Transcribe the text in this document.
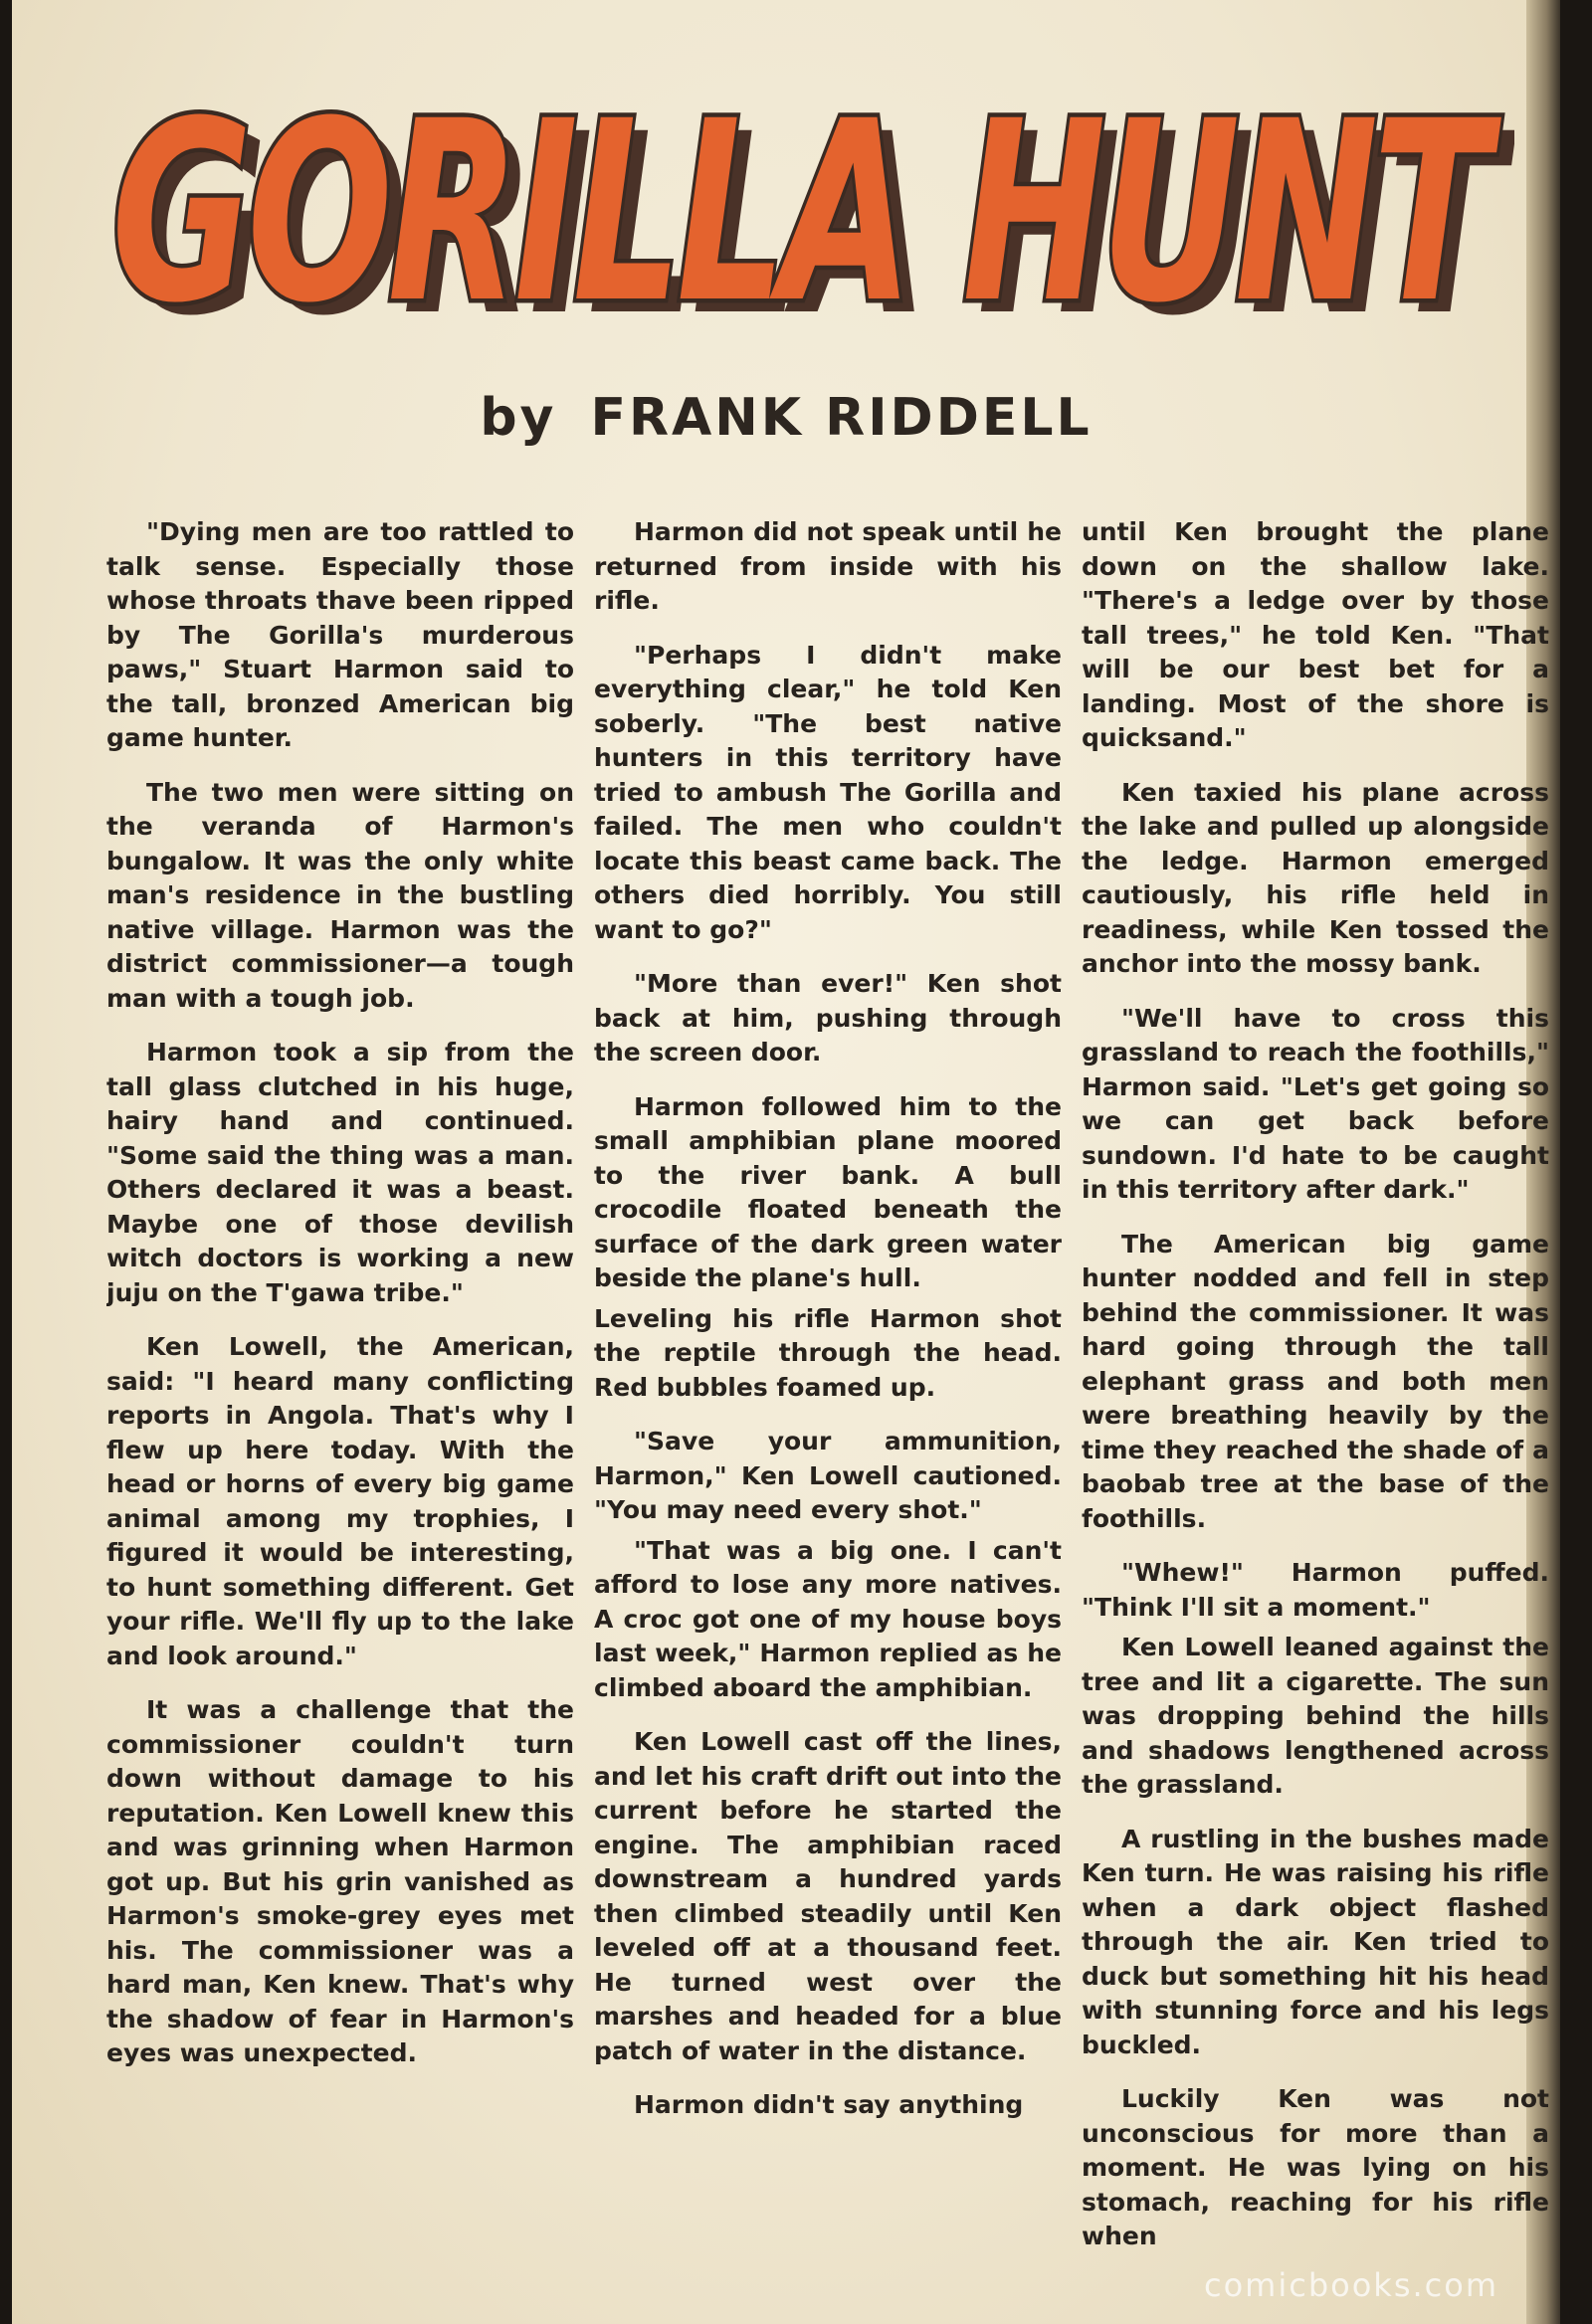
GORILLA HUNT
GORILLA HUNT
by FRANK RIDDELL

"Dying men are too rattled to talk sense. Especially those whose throats thave been ripped by The Gorilla's murderous paws," Stuart Harmon said to the tall, bronzed American big game hunter.

The two men were sitting on the veranda of Harmon's bungalow. It was the only white man's residence in the bustling native village. Harmon was the district commissioner—a tough man with a tough job.

Harmon took a sip from the tall glass clutched in his huge, hairy hand and continued. "Some said the thing was a man. Others declared it was a beast. Maybe one of those devilish witch doctors is working a new juju on the T'gawa tribe."

Ken Lowell, the American, said: "I heard many conflicting reports in Angola. That's why I flew up here today. With the head or horns of every big game animal among my trophies, I figured it would be interesting, to hunt something different. Get your rifle. We'll fly up to the lake and look around."

It was a challenge that the commissioner couldn't turn down without damage to his reputation. Ken Lowell knew this and was grinning when Harmon got up. But his grin vanished as Harmon's smoke-grey eyes met his. The commissioner was a hard man, Ken knew. That's why the shadow of fear in Harmon's eyes was unexpected.

Harmon did not speak until he returned from inside with his rifle.

"Perhaps I didn't make everything clear," he told Ken soberly. "The best native hunters in this territory have tried to ambush The Gorilla and failed. The men who couldn't locate this beast came back. The others died horribly. You still want to go?"

"More than ever!" Ken shot back at him, pushing through the screen door.

Harmon followed him to the small amphibian plane moored to the river bank. A bull crocodile floated beneath the surface of the dark green water beside the plane's hull.

Leveling his rifle Harmon shot the reptile through the head. Red bubbles foamed up.

"Save your ammunition, Harmon," Ken Lowell cautioned. "You may need every shot."

"That was a big one. I can't afford to lose any more natives. A croc got one of my house boys last week," Harmon replied as he climbed aboard the amphibian.

Ken Lowell cast off the lines, and let his craft drift out into the current before he started the engine. The amphibian raced downstream a hundred yards then climbed steadily until Ken leveled off at a thousand feet. He turned west over the marshes and headed for a blue patch of water in the distance.

Harmon didn't say anything

until Ken brought the plane down on the shallow lake. "There's a ledge over by those tall trees," he told Ken. "That will be our best bet for a landing. Most of the shore is quicksand."

Ken taxied his plane across the lake and pulled up alongside the ledge. Harmon emerged cautiously, his rifle held in readiness, while Ken tossed the anchor into the mossy bank.

"We'll have to cross this grassland to reach the foothills," Harmon said. "Let's get going so we can get back before sundown. I'd hate to be caught in this territory after dark."

The American big game hunter nodded and fell in step behind the commissioner. It was hard going through the tall elephant grass and both men were breathing heavily by the time they reached the shade of a baobab tree at the base of the foothills.

"Whew!" Harmon puffed. "Think I'll sit a moment."

Ken Lowell leaned against the tree and lit a cigarette. The sun was dropping behind the hills and shadows lengthened across the grassland.

A rustling in the bushes made Ken turn. He was raising his rifle when a dark object flashed through the air. Ken tried to duck but something hit his head with stunning force and his legs buckled.

Luckily Ken was not unconscious for more than a moment. He was lying on his stomach, reaching for his rifle when

comicbooks.com
